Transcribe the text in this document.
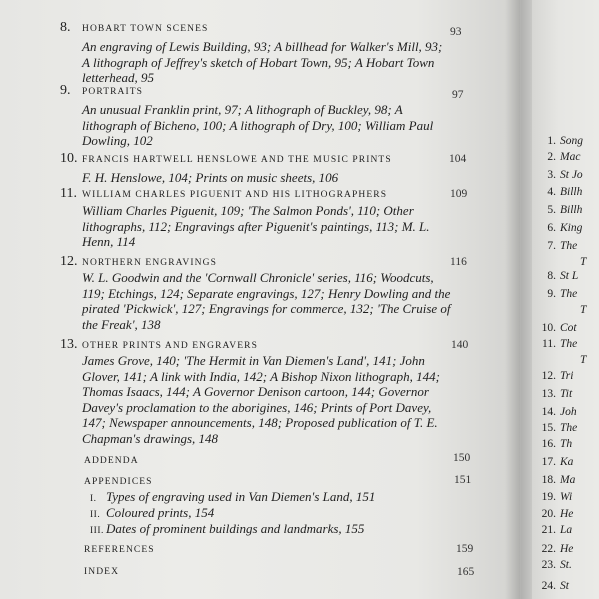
8. HOBART TOWN SCENES	93
An engraving of Lewis Building, 93; A billhead for Walker's Mill, 93; A lithograph of Jeffrey's sketch of Hobart Town, 95; A Hobart Town letterhead, 95
9. PORTRAITS	97
An unusual Franklin print, 97; A lithograph of Buckley, 98; A lithograph of Bicheno, 100; A lithograph of Dry, 100; William Paul Dowling, 102
10. FRANCIS HARTWELL HENSLOWE AND THE MUSIC PRINTS	104
F. H. Henslowe, 104; Prints on music sheets, 106
11. WILLIAM CHARLES PIGUENIT AND HIS LITHOGRAPHERS	109
William Charles Piguenit, 109; 'The Salmon Ponds', 110; Other lithographs, 112; Engravings after Piguenit's paintings, 113; M. L. Henn, 114
12. NORTHERN ENGRAVINGS	116
W. L. Goodwin and the 'Cornwall Chronicle' series, 116; Woodcuts, 119; Etchings, 124; Separate engravings, 127; Henry Dowling and the pirated 'Pickwick', 127; Engravings for commerce, 132; 'The Cruise of the Freak', 138
13. OTHER PRINTS AND ENGRAVERS	140
James Grove, 140; 'The Hermit in Van Diemen's Land', 141; John Glover, 141; A link with India, 142; A Bishop Nixon lithograph, 144; Thomas Isaacs, 144; A Governor Denison cartoon, 144; Governor Davey's proclamation to the aborigines, 146; Prints of Port Davey, 147; Newspaper announcements, 148; Proposed publication of T. E. Chapman's drawings, 148
ADDENDA	150
APPENDICES	151
I. Types of engraving used in Van Diemen's Land, 151
II. Coloured prints, 154
III. Dates of prominent buildings and landmarks, 155
REFERENCES	159
INDEX	165
1. Song
2. Mac
3. St Jo
4. Billh
5. Billh
6. King
7. The
T
8. St L
9. The
T
10. Cot
11. The
T
12. Tri
13. Tit
14. Joh
15. The
16. Th
17. Ka
18. Ma
19. Wi
20. He
21. La
22. He
23. St.
24. St
